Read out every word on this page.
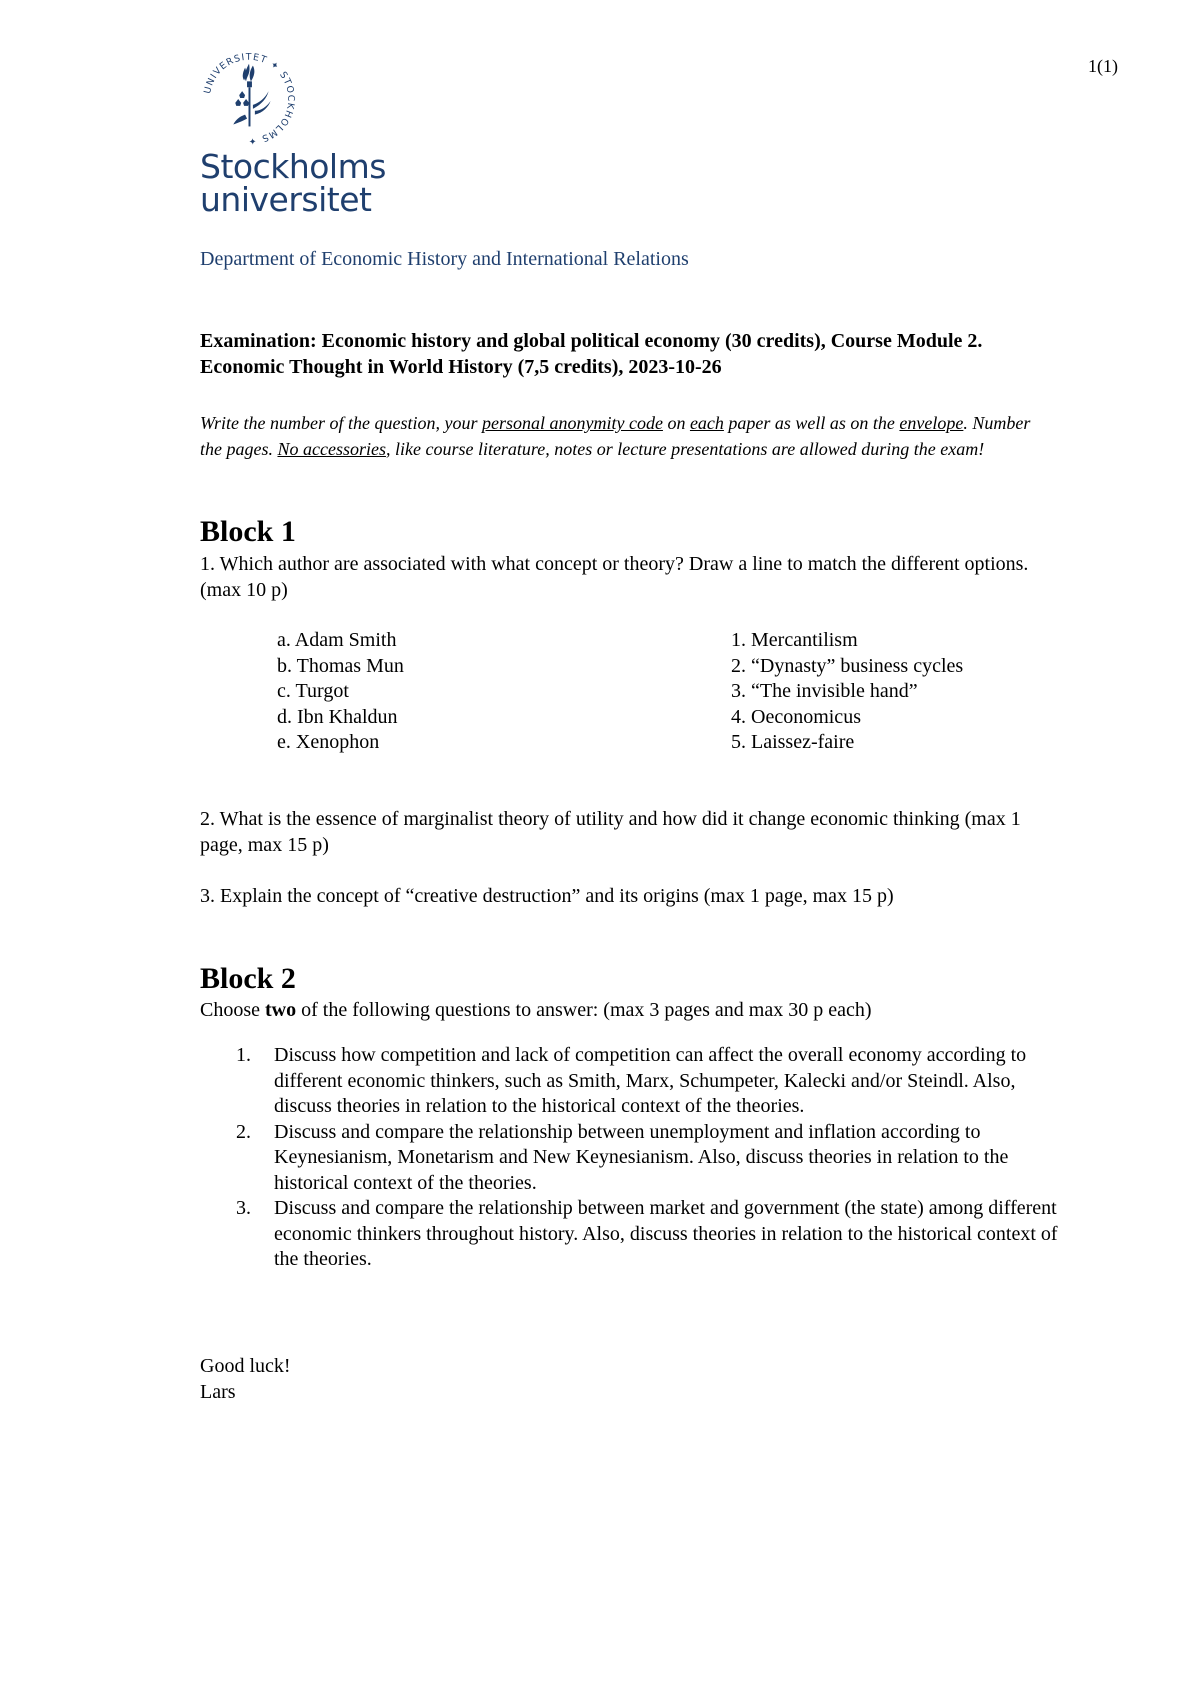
1(1)
UNIVERSITET ✦ STOCKHOLMS ✦
Stockholms
universitet
Department of Economic History and International Relations
Examination: Economic history and global political economy (30 credits), Course Module 2. Economic Thought in World History (7,5 credits), 2023-10-26
Write the number of the question, your personal anonymity code on each paper as well as on the envelope. Number the pages. No accessories, like course literature, notes or lecture presentations are allowed during the exam!
Block 1
1. Which author are associated with what concept or theory? Draw a line to match the different options. (max 10 p)
a. Adam Smith
b. Thomas Mun
c. Turgot
d. Ibn Khaldun
e. Xenophon
1. Mercantilism
2. “Dynasty” business cycles
3. “The invisible hand”
4. Oeconomicus
5. Laissez-faire
2. What is the essence of marginalist theory of utility and how did it change economic thinking (max 1 page, max 15 p)
3. Explain the concept of “creative destruction” and its origins (max 1 page, max 15 p)
Block 2
Choose two of the following questions to answer: (max 3 pages and max 30 p each)
1. Discuss how competition and lack of competition can affect the overall economy according to different economic thinkers, such as Smith, Marx, Schumpeter, Kalecki and/or Steindl. Also, discuss theories in relation to the historical context of the theories.
2. Discuss and compare the relationship between unemployment and inflation according to Keynesianism, Monetarism and New Keynesianism. Also, discuss theories in relation to the historical context of the theories.
3. Discuss and compare the relationship between market and government (the state) among different economic thinkers throughout history. Also, discuss theories in relation to the historical context of the theories.
Good luck!
Lars
